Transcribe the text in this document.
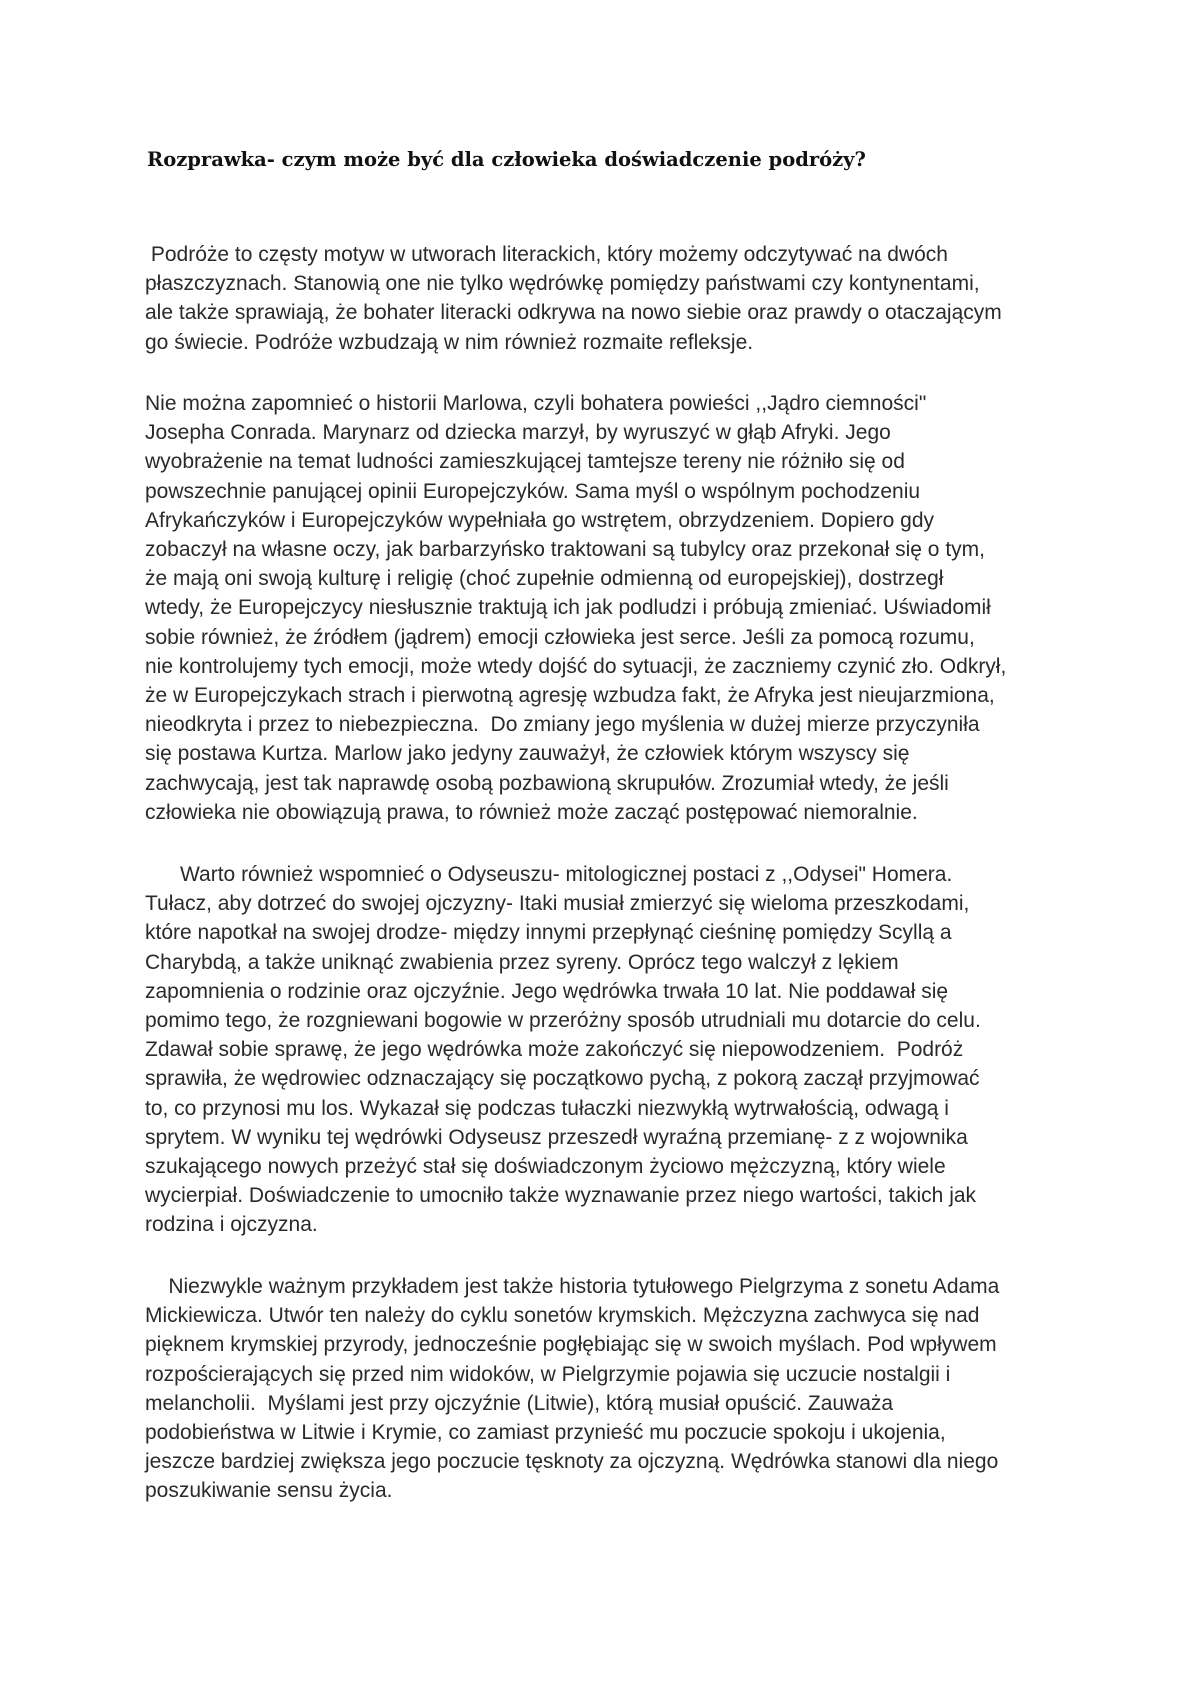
Rozprawka- czym może być dla człowieka doświadczenie podróży?

Podróże to częsty motyw w utworach literackich, który możemy odczytywać na dwóch
płaszczyznach. Stanowią one nie tylko wędrówkę pomiędzy państwami czy kontynentami,
ale także sprawiają, że bohater literacki odkrywa na nowo siebie oraz prawdy o otaczającym
go świecie. Podróże wzbudzają w nim również rozmaite refleksje.

Nie można zapomnieć o historii Marlowa, czyli bohatera powieści ,,Jądro ciemności"
Josepha Conrada. Marynarz od dziecka marzył, by wyruszyć w głąb Afryki. Jego
wyobrażenie na temat ludności zamieszkującej tamtejsze tereny nie różniło się od
powszechnie panującej opinii Europejczyków. Sama myśl o wspólnym pochodzeniu
Afrykańczyków i Europejczyków wypełniała go wstrętem, obrzydzeniem. Dopiero gdy
zobaczył na własne oczy, jak barbarzyńsko traktowani są tubylcy oraz przekonał się o tym,
że mają oni swoją kulturę i religię (choć zupełnie odmienną od europejskiej), dostrzegł
wtedy, że Europejczycy niesłusznie traktują ich jak podludzi i próbują zmieniać. Uświadomił
sobie również, że źródłem (jądrem) emocji człowieka jest serce. Jeśli za pomocą rozumu,
nie kontrolujemy tych emocji, może wtedy dojść do sytuacji, że zaczniemy czynić zło. Odkrył,
że w Europejczykach strach i pierwotną agresję wzbudza fakt, że Afryka jest nieujarzmiona,
nieodkryta i przez to niebezpieczna.  Do zmiany jego myślenia w dużej mierze przyczyniła
się postawa Kurtza. Marlow jako jedyny zauważył, że człowiek którym wszyscy się
zachwycają, jest tak naprawdę osobą pozbawioną skrupułów. Zrozumiał wtedy, że jeśli
człowieka nie obowiązują prawa, to również może zacząć postępować niemoralnie.

Warto również wspomnieć o Odyseuszu- mitologicznej postaci z ,,Odysei" Homera.
Tułacz, aby dotrzeć do swojej ojczyzny- Itaki musiał zmierzyć się wieloma przeszkodami,
które napotkał na swojej drodze- między innymi przepłynąć cieśninę pomiędzy Scyllą a
Charybdą, a także uniknąć zwabienia przez syreny. Oprócz tego walczył z lękiem
zapomnienia o rodzinie oraz ojczyźnie. Jego wędrówka trwała 10 lat. Nie poddawał się
pomimo tego, że rozgniewani bogowie w przeróżny sposób utrudniali mu dotarcie do celu.
Zdawał sobie sprawę, że jego wędrówka może zakończyć się niepowodzeniem.  Podróż
sprawiła, że wędrowiec odznaczający się początkowo pychą, z pokorą zaczął przyjmować
to, co przynosi mu los. Wykazał się podczas tułaczki niezwykłą wytrwałością, odwagą i
sprytem. W wyniku tej wędrówki Odyseusz przeszedł wyraźną przemianę- z z wojownika
szukającego nowych przeżyć stał się doświadczonym życiowo mężczyzną, który wiele
wycierpiał. Doświadczenie to umocniło także wyznawanie przez niego wartości, takich jak
rodzina i ojczyzna.

Niezwykle ważnym przykładem jest także historia tytułowego Pielgrzyma z sonetu Adama
Mickiewicza. Utwór ten należy do cyklu sonetów krymskich. Mężczyzna zachwyca się nad
pięknem krymskiej przyrody, jednocześnie pogłębiając się w swoich myślach. Pod wpływem
rozpościerających się przed nim widoków, w Pielgrzymie pojawia się uczucie nostalgii i
melancholii.  Myślami jest przy ojczyźnie (Litwie), którą musiał opuścić. Zauważa
podobieństwa w Litwie i Krymie, co zamiast przynieść mu poczucie spokoju i ukojenia,
jeszcze bardziej zwiększa jego poczucie tęsknoty za ojczyzną. Wędrówka stanowi dla niego
poszukiwanie sensu życia.
